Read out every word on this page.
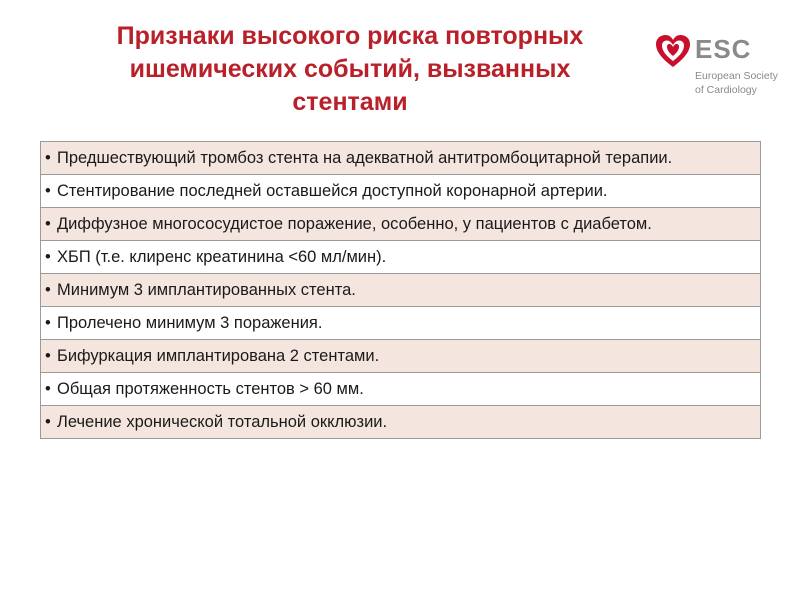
Признаки высокого риска повторных
ишемических событий, вызванных
стентами
ESC
European Society
of Cardiology
• Предшествующий тромбоз стента на адекватной антитромбоцитарной терапии.

• Стентирование последней оставшейся доступной коронарной артерии.

• Диффузное многососудистое поражение, особенно, у пациентов с диабетом.

• ХБП (т.е. клиренс креатинина <60 мл/мин).

• Минимум 3 имплантированных стента.

• Пролечено минимум 3 поражения.

• Бифуркация имплантирована 2 стентами.

• Общая протяженность стентов > 60 мм.

• Лечение хронической тотальной окклюзии.
